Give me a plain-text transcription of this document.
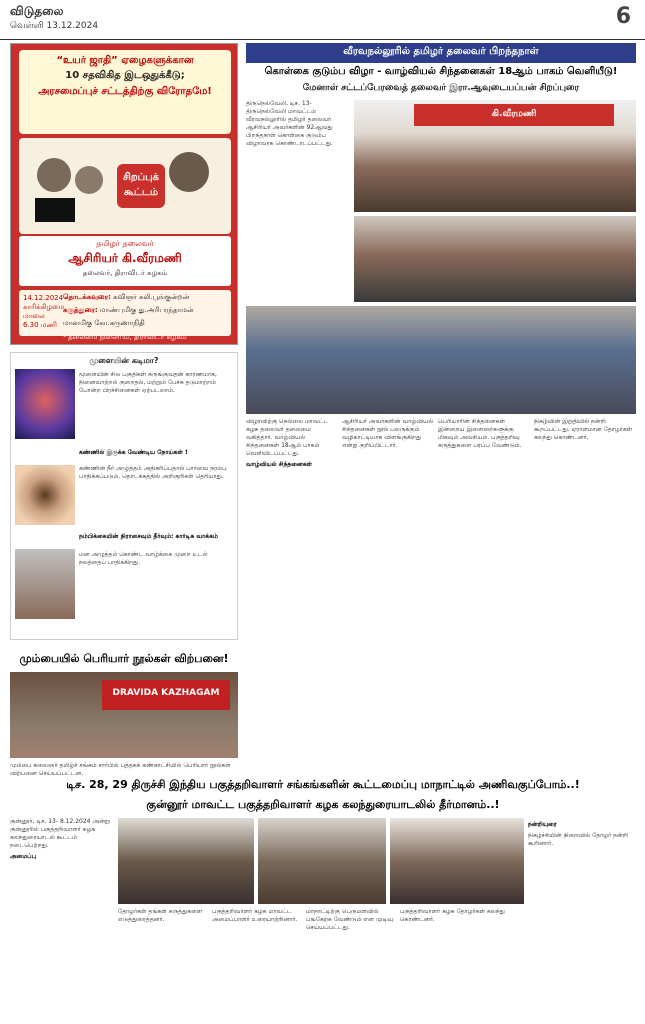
விடுதலை
வெள்ளி 13.12.2024	6
“உயர் ஜாதி” ஏழைகளுக்கான
10 சதவிகித இடஒதுக்கீடு;
அரசமைப்புச் சட்டத்திற்கு விரோதமே!
சிறப்புக் கூட்டம்
தமிழர் தலைவர்
ஆசிரியர் கி.வீரமணி
தலைவர், திராவிடர் கழகம்
14.12.2024 காரிக்கிழமை மாலை 6.30 மணி
தொடக்கவுரை: கவிஞர் கலி.பூங்குன்றன்
கருத்துரை: மாண்புமிகு து.அரிபரந்தாமன்
மானமிகு கோ.கருணாநிதி
- தலைமை நிலையம், திராவிடர் கழகம்
முளையின் கடிமா?
மூளையின் சில பகுதிகள் சுருங்குவதன் காரணமாக, நினைவாற்றல் குறைதல், மற்றும் பேச்சு தடுமாற்றம் போன்ற பிரச்சினைகள் ஏற்படலாம்.
கண்ணில் இருக்க வேண்டிய நோய்கள் !
கண்ணின் நீர் அழுத்தம் அதிகரிப்பதால் பார்வை நரம்பு பாதிக்கப்படும். தொடக்கத்தில் அறிகுறிகள் தெரியாது.
நம்பிக்கையின் நிராசைவும் தீர்வும்: கார்டிசு வாக்கம்
மன அழுத்தம் கொண்ட வாழ்க்கை முறை உடல் நலத்தைப் பாதிக்கிறது.
மும்பையில் பெரியார் நூல்கள் விற்பனை!
DRAVIDA KAZHAGAM
மும்பை கலைஞர் தமிழ்ச் சங்கம் சார்பில் புத்தகக் கண்காட்சியில் பெரியார் நூல்கள் விற்பனை செய்யப்பட்டன.
வீரவநல்லூரில் தமிழர் தலைவர் பிறந்தநாள்
கொள்கை குடும்ப விழா - வாழ்வியல் சிந்தனைகள் 18ஆம் பாகம் வெளியீடு!
மேனாள் சட்டப்பேரவைத் தலைவர் இரா.ஆவுடையப்பன் சிறப்புரை
திருநெல்வேலி, டிச. 13- திருநெல்வேலி மாவட்டம் வீரவநல்லூரில் தமிழர் தலைவர் ஆசிரியர் அவர்களின் 92ஆவது பிறந்தநாள் கொள்கை குடும்ப விழாவாக கொண்டாடப்பட்டது.
கி.வீரமணி
விழாவிற்கு நெல்லை மாவட்ட கழக தலைவர் தலைமை வகித்தார். வாழ்வியல் சிந்தனைகள் 18ஆம் பாகம் வெளியிடப்பட்டது.
வாழ்வியல் சிந்தனைகள்
ஆசிரியர் அவர்களின் வாழ்வியல் சிந்தனைகள் நூல் பலருக்கும் வழிகாட்டியாக விளங்குகிறது என்று குறிப்பிட்டார்.
பெரியாரின் சிந்தனைகள் இன்றைய இளைஞர்களுக்கு மிகவும் அவசியம். பகுத்தறிவு கருத்துகளை பரப்ப வேண்டும்.
நிகழ்வின் இறுதியில் நன்றி கூறப்பட்டது. ஏராளமான தோழர்கள் கலந்து கொண்டனர்.
டிச. 28, 29 திருச்சி இந்திய பகுத்தறிவாளர் சங்கங்களின் கூட்டமைப்பு மாநாட்டில் அணிவகுப்போம்..!
குன்னூர் மாவட்ட பகுத்தறிவாளர் கழக கலந்துரையாடலில் தீர்மானம்..!
குன்னூர், டிச. 13- 8.12.2024 அன்று குன்னூரில் பகுத்தறிவாளர் கழக கலந்துரையாடல் கூட்டம் நடைபெற்றது.
அமைப்பு
தோழர்கள் தங்கள் கருத்துகளை எடுத்துரைத்தனர்.
பகுத்தறிவாளர் கழக மாவட்ட அமைப்பாளர் உரையாற்றினார்.
மாநாட்டிற்கு பெருமளவில் பங்கேற்க வேண்டும் என முடிவு செய்யப்பட்டது.
பகுத்தறிவாளர் கழக தோழர்கள் கலந்து கொண்டனர்.
நன்றியுரை
நிகழ்ச்சியின் நிறைவில் தோழர் நன்றி கூறினார்.
